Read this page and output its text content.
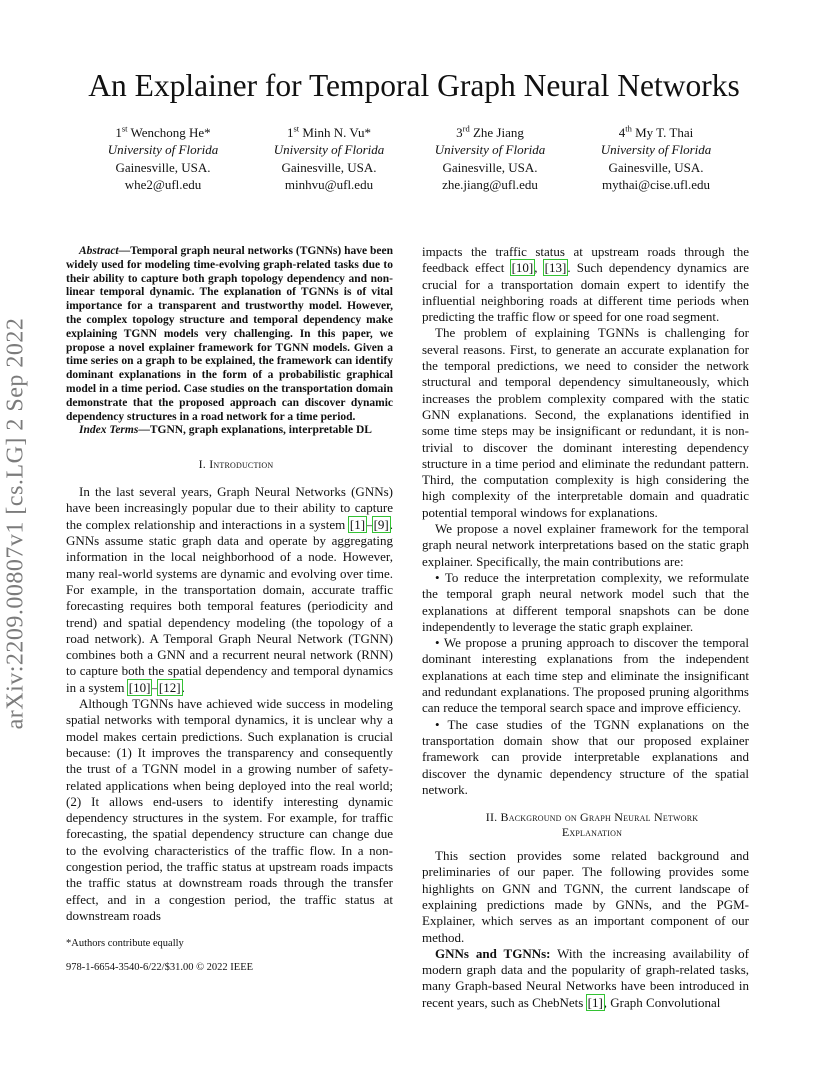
An Explainer for Temporal Graph Neural Networks
1st Wenchong He*
University of Florida
Gainesville, USA.
whe2@ufl.edu
1st Minh N. Vu*
University of Florida
Gainesville, USA.
minhvu@ufl.edu
3rd Zhe Jiang
University of Florida
Gainesville, USA.
zhe.jiang@ufl.edu
4th My T. Thai
University of Florida
Gainesville, USA.
mythai@cise.ufl.edu
arXiv:2209.00807v1 [cs.LG] 2 Sep 2022

Abstract—Temporal graph neural networks (TGNNs) have been widely used for modeling time-evolving graph-related tasks due to their ability to capture both graph topology dependency and non-linear temporal dynamic. The explanation of TGNNs is of vital importance for a transparent and trustworthy model. However, the complex topology structure and temporal dependency make explaining TGNN models very challenging. In this paper, we propose a novel explainer framework for TGNN models. Given a time series on a graph to be explained, the framework can identify dominant explanations in the form of a probabilistic graphical model in a time period. Case studies on the transportation domain demonstrate that the proposed approach can discover dynamic dependency structures in a road network for a time period.

Index Terms—TGNN, graph explanations, interpretable DL

I. Introduction

In the last several years, Graph Neural Networks (GNNs) have been increasingly popular due to their ability to capture the complex relationship and interactions in a system [1]–[9]. GNNs assume static graph data and operate by aggregating information in the local neighborhood of a node. However, many real-world systems are dynamic and evolving over time. For example, in the transportation domain, accurate traffic forecasting requires both temporal features (periodicity and trend) and spatial dependency modeling (the topology of a road network). A Temporal Graph Neural Network (TGNN) combines both a GNN and a recurrent neural network (RNN) to capture both the spatial dependency and temporal dynamics in a system [10]–[12].

Although TGNNs have achieved wide success in modeling spatial networks with temporal dynamics, it is unclear why a model makes certain predictions. Such explanation is crucial because: (1) It improves the transparency and consequently the trust of a TGNN model in a growing number of safety-related applications when being deployed into the real world; (2) It allows end-users to identify interesting dynamic dependency structures in the system. For example, for traffic forecasting, the spatial dependency structure can change due to the evolving characteristics of the traffic flow. In a non-congestion period, the traffic status at upstream roads impacts the traffic status at downstream roads through the transfer effect, and in a congestion period, the traffic status at downstream roads

*Authors contribute equally
978-1-6654-3540-6/22/$31.00 © 2022 IEEE

impacts the traffic status at upstream roads through the feedback effect [10], [13]. Such dependency dynamics are crucial for a transportation domain expert to identify the influential neighboring roads at different time periods when predicting the traffic flow or speed for one road segment.

The problem of explaining TGNNs is challenging for several reasons. First, to generate an accurate explanation for the temporal predictions, we need to consider the network structural and temporal dependency simultaneously, which increases the problem complexity compared with the static GNN explanations. Second, the explanations identified in some time steps may be insignificant or redundant, it is non-trivial to discover the dominant interesting dependency structure in a time period and eliminate the redundant pattern. Third, the computation complexity is high considering the high complexity of the interpretable domain and quadratic potential temporal windows for explanations.

We propose a novel explainer framework for the temporal graph neural network interpretations based on the static graph explainer. Specifically, the main contributions are:

• To reduce the interpretation complexity, we reformulate the temporal graph neural network model such that the explanations at different temporal snapshots can be done independently to leverage the static graph explainer.

• We propose a pruning approach to discover the temporal dominant interesting explanations from the independent explanations at each time step and eliminate the insignificant and redundant explanations. The proposed pruning algorithms can reduce the temporal search space and improve efficiency.

• The case studies of the TGNN explanations on the transportation domain show that our proposed explainer framework can provide interpretable explanations and discover the dynamic dependency structure of the spatial network.

II. Background on Graph Neural Network

Explanation

This section provides some related background and preliminaries of our paper. The following provides some highlights on GNN and TGNN, the current landscape of explaining predictions made by GNNs, and the PGM-Explainer, which serves as an important component of our method.

GNNs and TGNNs: With the increasing availability of modern graph data and the popularity of graph-related tasks, many Graph-based Neural Networks have been introduced in recent years, such as ChebNets [1], Graph Convolutional
